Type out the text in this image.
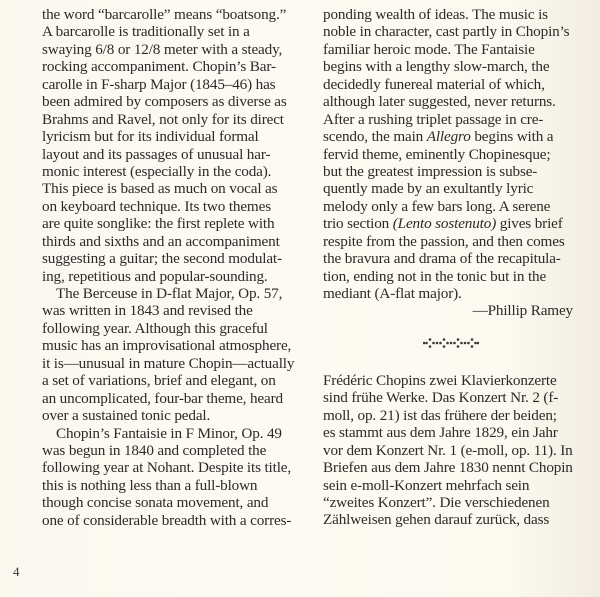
the word “barcarolle” means “boatsong.”
A barcarolle is traditionally set in a
swaying 6/8 or 12/8 meter with a steady,
rocking accompaniment. Chopin’s Bar-
carolle in F-sharp Major (1845–46) has
been admired by composers as diverse as
Brahms and Ravel, not only for its direct
lyricism but for its individual formal
layout and its passages of unusual har-
monic interest (especially in the coda).
This piece is based as much on vocal as
on keyboard technique. Its two themes
are quite songlike: the first replete with
thirds and sixths and an accompaniment
suggesting a guitar; the second modulat-
ing, repetitious and popular-sounding.
The Berceuse in D-flat Major, Op. 57,
was written in 1843 and revised the
following year. Although this graceful
music has an improvisational atmosphere,
it is—unusual in mature Chopin—actually
a set of variations, brief and elegant, on
an uncomplicated, four-bar theme, heard
over a sustained tonic pedal.
Chopin’s Fantaisie in F Minor, Op. 49
was begun in 1840 and completed the
following year at Nohant. Despite its title,
this is nothing less than a full-blown
though concise sonata movement, and
one of considerable breadth with a corres-
ponding wealth of ideas. The music is
noble in character, cast partly in Chopin’s
familiar heroic mode. The Fantaisie
begins with a lengthy slow-march, the
decidedly funereal material of which,
although later suggested, never returns.
After a rushing triplet passage in cre-
scendo, the main Allegro begins with a
fervid theme, eminently Chopinesque;
but the greatest impression is subse-
quently made by an exultantly lyric
melody only a few bars long. A serene
trio section (Lento sostenuto) gives brief
respite from the passion, and then comes
the bravura and drama of the recapitula-
tion, ending not in the tonic but in the
mediant (A-flat major).
—Phillip Ramey
Frédéric Chopins zwei Klavierkonzerte
sind frühe Werke. Das Konzert Nr. 2 (f-
moll, op. 21) ist das frühere der beiden;
es stammt aus dem Jahre 1829, ein Jahr
vor dem Konzert Nr. 1 (e-moll, op. 11). In
Briefen aus dem Jahre 1830 nennt Chopin
sein e-moll-Konzert mehrfach sein
“zweites Konzert”. Die verschiedenen
Zählweisen gehen darauf zurück, dass
4
